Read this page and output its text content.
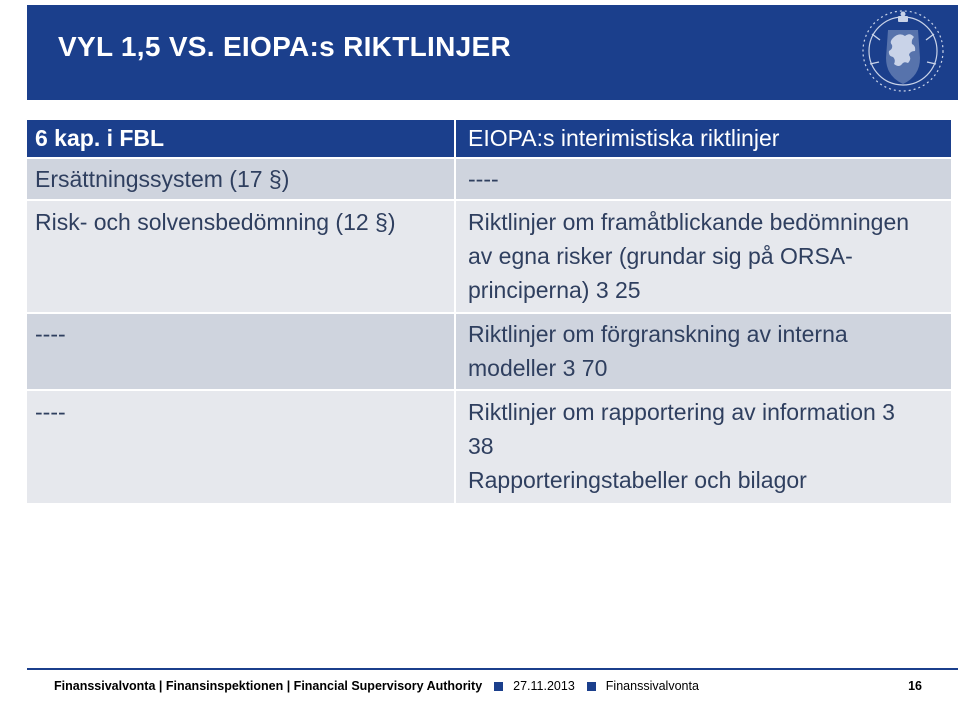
VYL 1,5 VS. EIOPA:s RIKTLINJER
6 kap. i FBL	EIOPA:s interimistiska riktlinjer
Ersättningssystem (17 §)	----
Risk- och solvensbedömning (12 §)	Riktlinjer om framåtblickande bedömningen
av egna risker (grundar sig på ORSA-
principerna) 3 25

----	Riktlinjer om förgranskning av interna
modeller 3 70

----	Riktlinjer om rapportering av information 3
38
Rapporteringstabeller och bilagor
Finanssivalvonta | Finansinspektionen | Financial Supervisory Authority 27.11.2013 Finanssivalvonta	16
